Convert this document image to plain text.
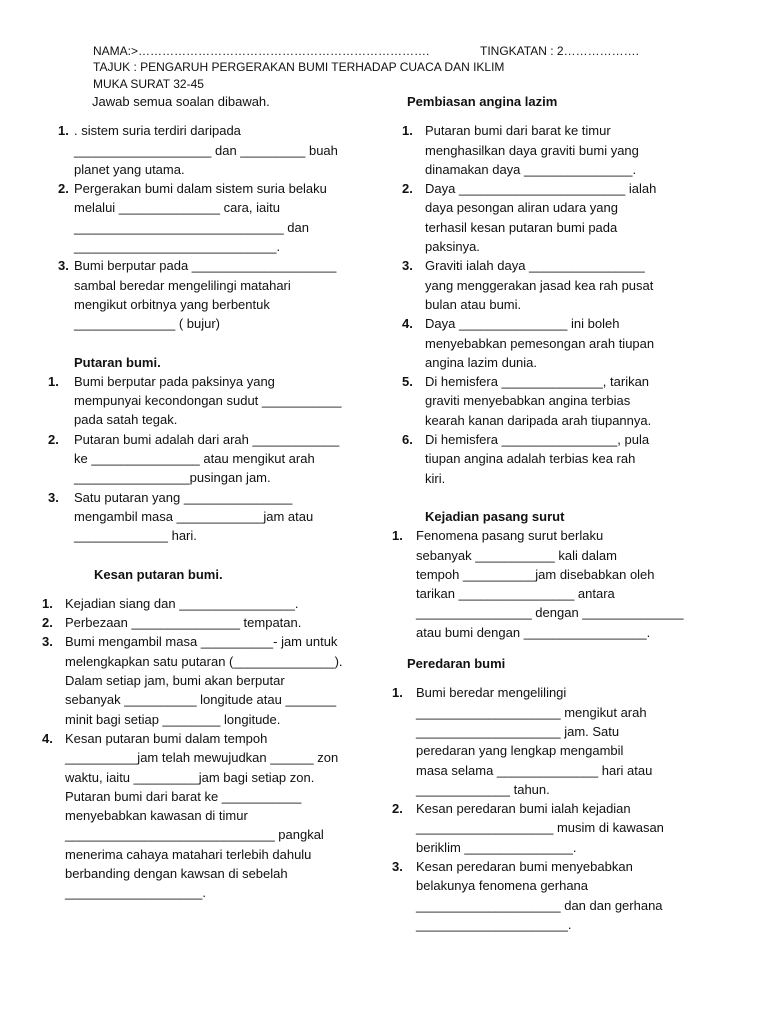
NAMA:>……………………………………………………………….	TINGKATAN : 2……………….
TAJUK : PENGARUH PERGERAKAN BUMI TERHADAP CUACA DAN IKLIM
MUKA SURAT 32-45

Jawab semua soalan dibawah.

1. . sistem suria terdiri daripada
___________________ dan _________ buah
planet yang utama.
2. Pergerakan bumi dalam sistem suria belaku
melalui ______________ cara, iaitu
_____________________________ dan
____________________________.
3. Bumi berputar pada ____________________
sambal beredar mengelilingi matahari
mengikut orbitnya yang berbentuk
______________ ( bujur)

Putaran bumi.

1. Bumi berputar pada paksinya yang
mempunyai kecondongan sudut ___________
pada satah tegak.
2. Putaran bumi adalah dari arah ____________
ke _______________ atau mengikut arah
________________pusingan jam.
3. Satu putaran yang _______________
mengambil masa ____________jam atau
_____________ hari.

Kesan putaran bumi.

1. Kejadian siang dan ________________.
2. Perbezaan _______________ tempatan.
3. Bumi mengambil masa __________- jam untuk
melengkapkan satu putaran (______________).
Dalam setiap jam, bumi akan berputar
sebanyak __________ longitude atau _______
minit bagi setiap ________ longitude.
4. Kesan putaran bumi dalam tempoh
__________jam telah mewujudkan ______ zon
waktu, iaitu _________jam bagi setiap zon.
Putaran bumi dari barat ke ___________
menyebabkan kawasan di timur
_____________________________ pangkal
menerima cahaya matahari terlebih dahulu
berbanding dengan kawsan di sebelah
___________________.

Pembiasan angina lazim

1. Putaran bumi dari barat ke timur
menghasilkan daya graviti bumi yang
dinamakan daya _______________.
2. Daya _______________________ ialah
daya pesongan aliran udara yang
terhasil kesan putaran bumi pada
paksinya.
3. Graviti ialah daya ________________
yang menggerakan jasad kea rah pusat
bulan atau bumi.
4. Daya _______________ ini boleh
menyebabkan pemesongan arah tiupan
angina lazim dunia.
5. Di hemisfera ______________, tarikan
graviti menyebabkan angina terbias
kearah kanan daripada arah tiupannya.
6. Di hemisfera ________________, pula
tiupan angina adalah terbias kea rah
kiri.

Kejadian pasang surut

1. Fenomena pasang surut berlaku
sebanyak ___________ kali dalam
tempoh __________jam disebabkan oleh
tarikan ________________ antara
________________ dengan ______________
atau bumi dengan _________________.

Peredaran bumi

1. Bumi beredar mengelilingi
____________________ mengikut arah
____________________ jam. Satu
peredaran yang lengkap mengambil
masa selama ______________ hari atau
_____________ tahun.
2. Kesan peredaran bumi ialah kejadian
___________________ musim di kawasan
beriklim _______________.
3. Kesan peredaran bumi menyebabkan
belakunya fenomena gerhana
____________________ dan dan gerhana
_____________________.
